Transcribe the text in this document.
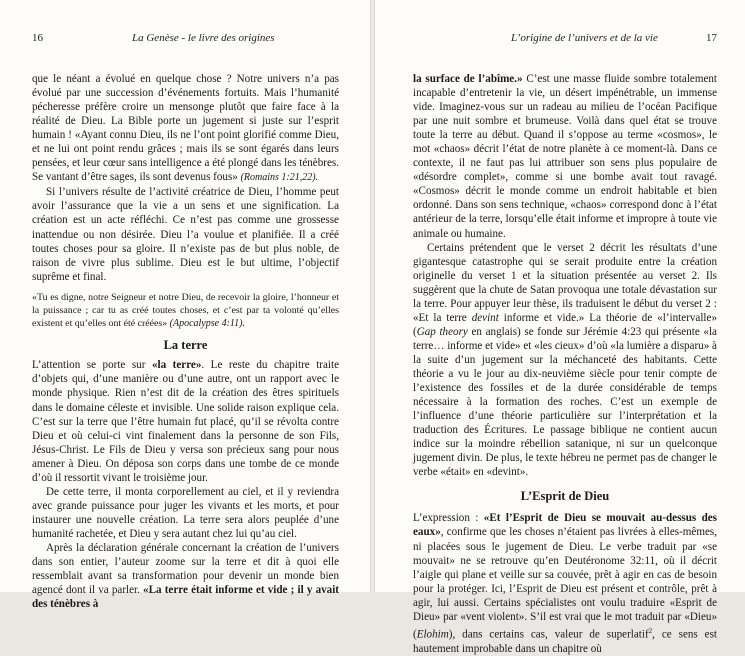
16	La Genèse - le livre des origines

que le néant a évolué en quelque chose ? Notre univers n’a pas évolué par une succession d’événements fortuits. Mais l’humanité pécheresse préfère croire un mensonge plutôt que faire face à la réalité de Dieu. La Bible porte un jugement si juste sur l’esprit humain ! «Ayant connu Dieu, ils ne l’ont point glorifié comme Dieu, et ne lui ont point rendu grâces ; mais ils se sont égarés dans leurs pensées, et leur cœur sans intelligence a été plongé dans les ténèbres. Se vantant d’être sages, ils sont devenus fous» (Romains 1:21,22).

Si l’univers résulte de l’activité créatrice de Dieu, l’homme peut avoir l’assurance que la vie a un sens et une signification. La création est un acte réfléchi. Ce n’est pas comme une grossesse inattendue ou non désirée. Dieu l’a voulue et planifiée. Il a créé toutes choses pour sa gloire. Il n’existe pas de but plus noble, de raison de vivre plus sublime. Dieu est le but ultime, l’objectif suprême et final.

«Tu es digne, notre Seigneur et notre Dieu, de recevoir la gloire, l’honneur et la puissance ; car tu as créé toutes choses, et c’est par ta volonté qu’elles existent et qu’elles ont été créées» (Apocalypse 4:11).

La terre

L’attention se porte sur «la terre». Le reste du chapitre traite d’objets qui, d’une manière ou d’une autre, ont un rapport avec le monde physique. Rien n’est dit de la création des êtres spirituels dans le domaine céleste et invisible. Une solide raison explique cela. C’est sur la terre que l’être humain fut placé, qu’il se révolta contre Dieu et où celui-ci vint finalement dans la personne de son Fils, Jésus-Christ. Le Fils de Dieu y versa son précieux sang pour nous amener à Dieu. On déposa son corps dans une tombe de ce monde d’où il ressortit vivant le troisième jour.

De cette terre, il monta corporellement au ciel, et il y reviendra avec grande puissance pour juger les vivants et les morts, et pour instaurer une nouvelle création. La terre sera alors peuplée d’une humanité rachetée, et Dieu y sera autant chez lui qu’au ciel.

Après la déclaration générale concernant la création de l’univers dans son entier, l’auteur zoome sur la terre et dit à quoi elle ressemblait avant sa transformation pour devenir un monde bien agencé dont il va parler. «La terre était informe et vide ; il y avait des ténèbres à

L’origine de l’univers et de la vie	17

la surface de l’abîme.» C’est une masse fluide sombre totalement incapable d’entretenir la vie, un désert impénétrable, un immense vide. Imaginez-vous sur un radeau au milieu de l’océan Pacifique par une nuit sombre et brumeuse. Voilà dans quel état se trouve toute la terre au début. Quand il s’oppose au terme «cosmos», le mot «chaos» décrit l’état de notre planète à ce moment-là. Dans ce contexte, il ne faut pas lui attribuer son sens plus populaire de «désordre complet», comme si une bombe avait tout ravagé. «Cosmos» décrit le monde comme un endroit habitable et bien ordonné. Dans son sens technique, «chaos» correspond donc à l’état antérieur de la terre, lorsqu’elle était informe et impropre à toute vie animale ou humaine.

Certains prétendent que le verset 2 décrit les résultats d’une gigantesque catastrophe qui se serait produite entre la création originelle du verset 1 et la situation présentée au verset 2. Ils suggèrent que la chute de Satan provoqua une totale dévastation sur la terre. Pour appuyer leur thèse, ils traduisent le début du verset 2 : «Et la terre devint informe et vide.» La théorie de «l’intervalle» (Gap theory en anglais) se fonde sur Jérémie 4:23 qui présente «la terre… informe et vide» et «les cieux» d’où «la lumière a disparu» à la suite d’un jugement sur la méchanceté des habitants. Cette théorie a vu le jour au dix-neuvième siècle pour tenir compte de l’existence des fossiles et de la durée considérable de temps nécessaire à la formation des roches. C’est un exemple de l’influence d’une théorie particulière sur l’interprétation et la traduction des Écritures. Le passage biblique ne contient aucun indice sur la moindre rébellion satanique, ni sur un quelconque jugement divin. De plus, le texte hébreu ne permet pas de changer le verbe «était» en «devint».

L’Esprit de Dieu

L’expression : «Et l’Esprit de Dieu se mouvait au-dessus des eaux», confirme que les choses n’étaient pas livrées à elles-mêmes, ni placées sous le jugement de Dieu. Le verbe traduit par «se mouvait» ne se retrouve qu’en Deutéronome 32:11, où il décrit l’aigle qui plane et veille sur sa couvée, prêt à agir en cas de besoin pour la protéger. Ici, l’Esprit de Dieu est présent et contrôle, prêt à agir, lui aussi. Certains spécialistes ont voulu traduire «Esprit de Dieu» par «vent violent». S’il est vrai que le mot traduit par «Dieu» (Elohim), dans certains cas, valeur de superlatif$^2$, ce sens est hautement improbable dans un chapitre où
